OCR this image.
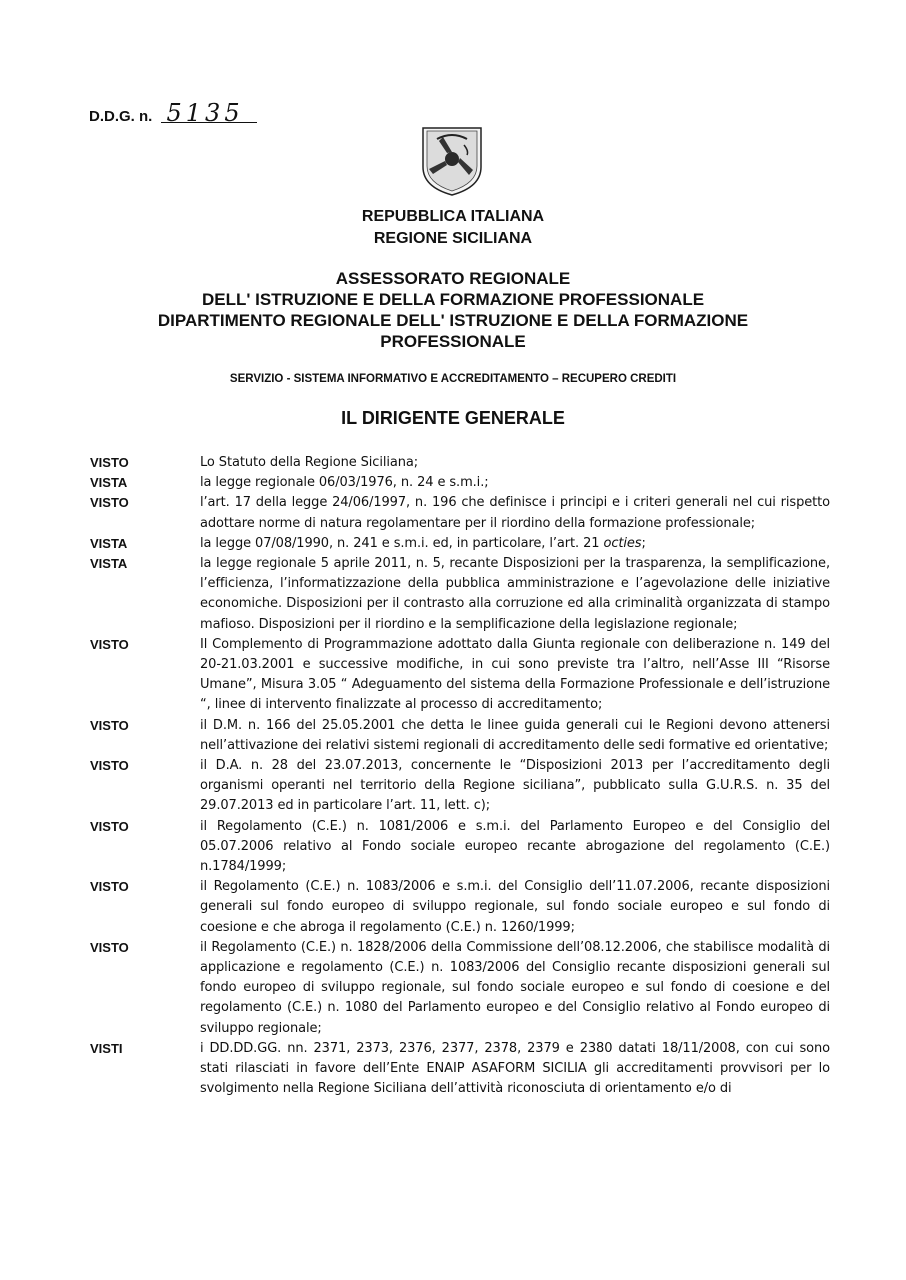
D.D.G. n. 5135
REPUBBLICA ITALIANA
REGIONE SICILIANA
ASSESSORATO REGIONALE
DELL' ISTRUZIONE E DELLA FORMAZIONE PROFESSIONALE
DIPARTIMENTO REGIONALE DELL' ISTRUZIONE E DELLA FORMAZIONE
PROFESSIONALE
SERVIZIO - SISTEMA INFORMATIVO E ACCREDITAMENTO – RECUPERO CREDITI
IL DIRIGENTE GENERALE
VISTO	Lo Statuto della Regione Siciliana;
VISTA	la legge regionale 06/03/1976, n. 24 e s.m.i.;
VISTO	l’art. 17 della legge 24/06/1997, n. 196 che definisce i principi e i criteri generali nel cui rispetto adottare norme di natura regolamentare per il riordino della formazione professionale;
VISTA	la legge 07/08/1990, n. 241 e s.m.i. ed, in particolare, l’art. 21 octies;
VISTA	la legge regionale 5 aprile 2011, n. 5, recante Disposizioni per la trasparenza, la semplificazione, l’efficienza, l’informatizzazione della pubblica amministrazione e l’agevolazione delle iniziative economiche. Disposizioni per il contrasto alla corruzione ed alla criminalità organizzata di stampo mafioso. Disposizioni per il riordino e la semplificazione della legislazione regionale;
VISTO	Il Complemento di Programmazione adottato dalla Giunta regionale con deliberazione n. 149 del 20-21.03.2001 e successive modifiche, in cui sono previste tra l’altro, nell’Asse III “Risorse Umane”, Misura 3.05 “ Adeguamento del sistema della Formazione Professionale e dell’istruzione “, linee di intervento finalizzate al processo di accreditamento;
VISTO	il D.M. n. 166 del 25.05.2001 che detta le linee guida generali cui le Regioni devono attenersi nell’attivazione dei relativi sistemi regionali di accreditamento delle sedi formative ed orientative;
VISTO	il D.A. n. 28 del 23.07.2013, concernente le “Disposizioni 2013 per l’accreditamento degli organismi operanti nel territorio della Regione siciliana”, pubblicato sulla G.U.R.S. n. 35 del 29.07.2013 ed in particolare l’art. 11, lett. c);
VISTO	il Regolamento (C.E.) n. 1081/2006 e s.m.i. del Parlamento Europeo e del Consiglio del 05.07.2006 relativo al Fondo sociale europeo recante abrogazione del regolamento (C.E.) n.1784/1999;
VISTO	il Regolamento (C.E.) n. 1083/2006 e s.m.i. del Consiglio dell’11.07.2006, recante disposizioni generali sul fondo europeo di sviluppo regionale, sul fondo sociale europeo e sul fondo di coesione e che abroga il regolamento (C.E.) n. 1260/1999;
VISTO	il Regolamento (C.E.) n. 1828/2006 della Commissione dell’08.12.2006, che stabilisce modalità di applicazione e regolamento (C.E.) n. 1083/2006 del Consiglio recante disposizioni generali sul fondo europeo di sviluppo regionale, sul fondo sociale europeo e sul fondo di coesione e del regolamento (C.E.) n. 1080 del Parlamento europeo e del Consiglio relativo al Fondo europeo di sviluppo regionale;
VISTI	i DD.DD.GG. nn. 2371, 2373, 2376, 2377, 2378, 2379 e 2380 datati 18/11/2008, con cui sono stati rilasciati in favore dell’Ente ENAIP ASAFORM SICILIA gli accreditamenti provvisori per lo svolgimento nella Regione Siciliana dell’attività riconosciuta di orientamento e/o di
